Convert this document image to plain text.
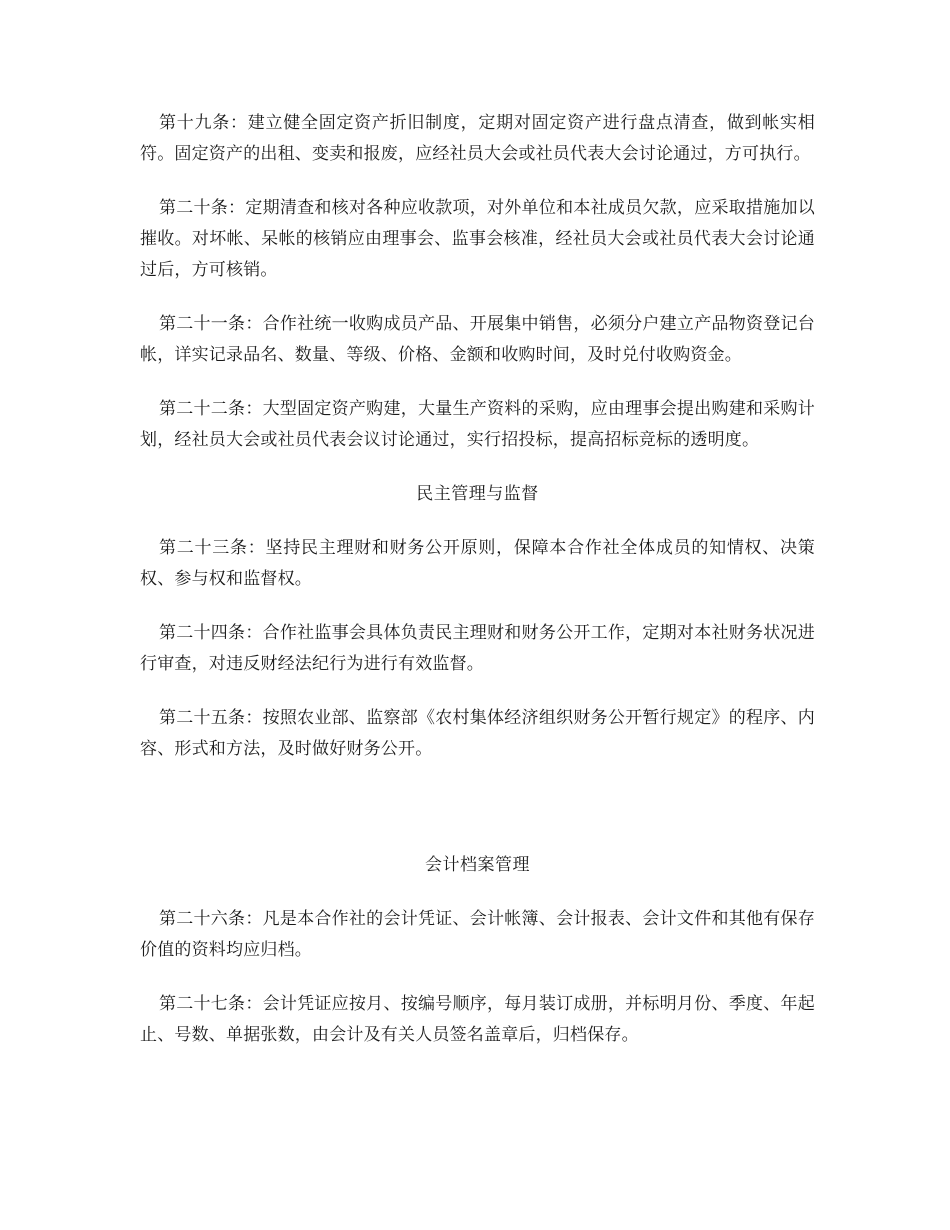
第十九条：建立健全固定资产折旧制度，定期对固定资产进行盘点清查，做到帐实相符。固定资产的出租、变卖和报废，应经社员大会或社员代表大会讨论通过，方可执行。

第二十条：定期清查和核对各种应收款项，对外单位和本社成员欠款，应采取措施加以摧收。对坏帐、呆帐的核销应由理事会、监事会核准，经社员大会或社员代表大会讨论通过后，方可核销。

第二十一条：合作社统一收购成员产品、开展集中销售，必须分户建立产品物资登记台帐，详实记录品名、数量、等级、价格、金额和收购时间，及时兑付收购资金。

第二十二条：大型固定资产购建，大量生产资料的采购，应由理事会提出购建和采购计划，经社员大会或社员代表会议讨论通过，实行招投标，提高招标竞标的透明度。

民主管理与监督

第二十三条：坚持民主理财和财务公开原则，保障本合作社全体成员的知情权、决策权、参与权和监督权。

第二十四条：合作社监事会具体负责民主理财和财务公开工作，定期对本社财务状况进行审查，对违反财经法纪行为进行有效监督。

第二十五条：按照农业部、监察部《农村集体经济组织财务公开暂行规定》的程序、内容、形式和方法，及时做好财务公开。

会计档案管理

第二十六条：凡是本合作社的会计凭证、会计帐簿、会计报表、会计文件和其他有保存价值的资料均应归档。

第二十七条：会计凭证应按月、按编号顺序，每月装订成册，并标明月份、季度、年起止、号数、单据张数，由会计及有关人员签名盖章后，归档保存。
